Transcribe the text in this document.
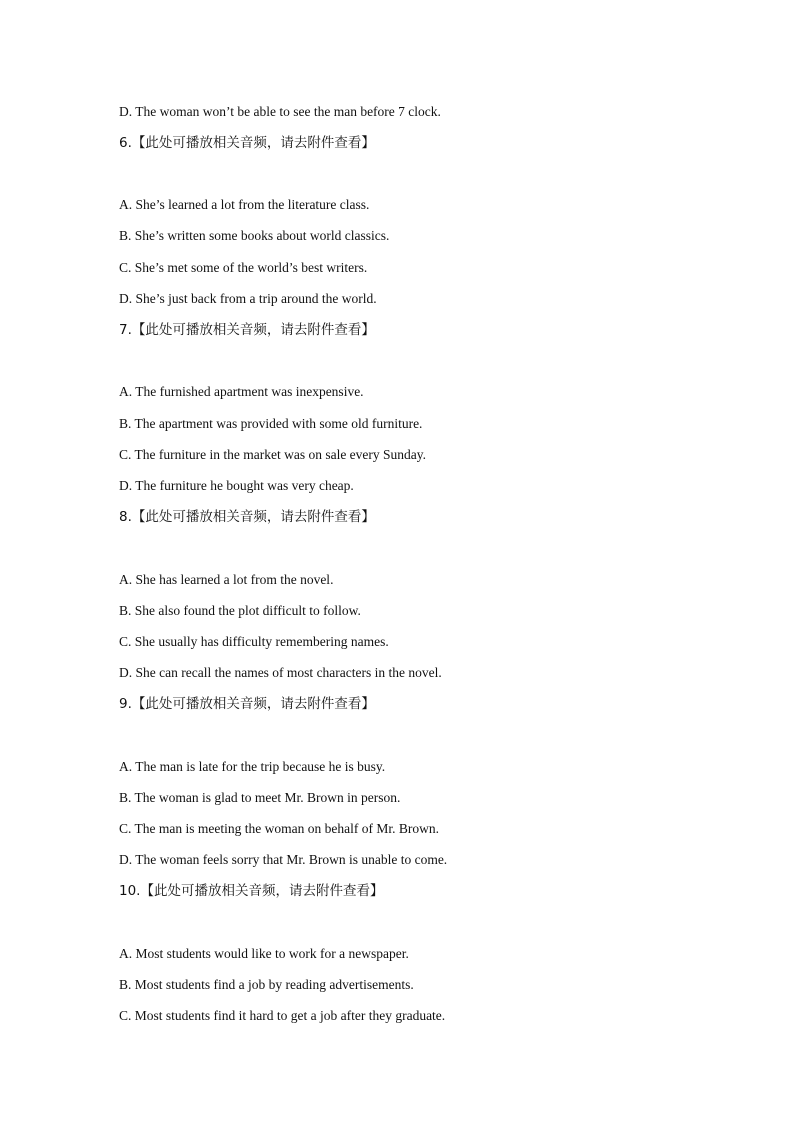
D. The woman won’t be able to see the man before 7 clock.
6.【此处可播放相关音频，请去附件查看】
A. She’s learned a lot from the literature class.
B. She’s written some books about world classics.
C. She’s met some of the world’s best writers.
D. She’s just back from a trip around the world.
7.【此处可播放相关音频，请去附件查看】
A. The furnished apartment was inexpensive.
B. The apartment was provided with some old furniture.
C. The furniture in the market was on sale every Sunday.
D. The furniture he bought was very cheap.
8.【此处可播放相关音频，请去附件查看】
A. She has learned a lot from the novel.
B. She also found the plot difficult to follow.
C. She usually has difficulty remembering names.
D. She can recall the names of most characters in the novel.
9.【此处可播放相关音频，请去附件查看】
A. The man is late for the trip because he is busy.
B. The woman is glad to meet Mr. Brown in person.
C. The man is meeting the woman on behalf of Mr. Brown.
D. The woman feels sorry that Mr. Brown is unable to come.
10.【此处可播放相关音频，请去附件查看】
A. Most students would like to work for a newspaper.
B. Most students find a job by reading advertisements.
C. Most students find it hard to get a job after they graduate.
